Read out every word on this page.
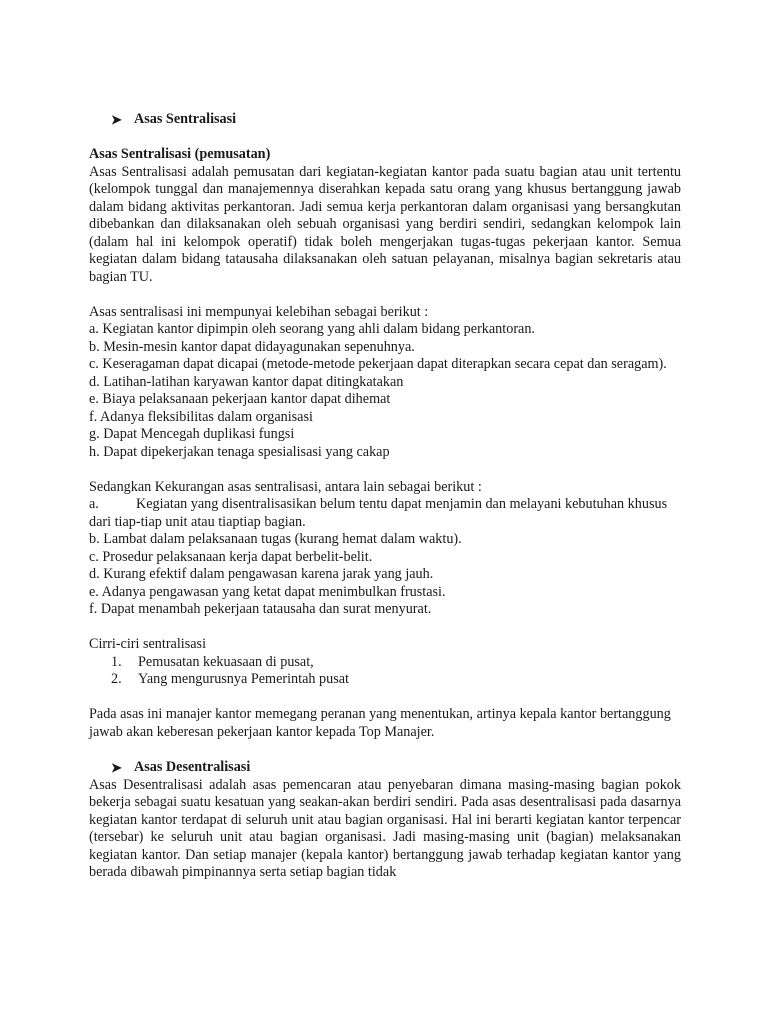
➤ Asas Sentralisasi

Asas Sentralisasi (pemusatan)

Asas Sentralisasi adalah pemusatan dari kegiatan-kegiatan kantor pada suatu bagian atau unit tertentu (kelompok tunggal dan manajemennya diserahkan kepada satu orang yang khusus bertanggung jawab dalam bidang aktivitas perkantoran. Jadi semua kerja perkantoran dalam organisasi yang bersangkutan dibebankan dan dilaksanakan oleh sebuah organisasi yang berdiri sendiri, sedangkan kelompok lain (dalam hal ini kelompok operatif) tidak boleh mengerjakan tugas-tugas pekerjaan kantor. Semua kegiatan dalam bidang tatausaha dilaksanakan oleh satuan pelayanan, misalnya bagian sekretaris atau bagian TU.

Asas sentralisasi ini mempunyai kelebihan sebagai berikut :

a. Kegiatan kantor dipimpin oleh seorang yang ahli dalam bidang perkantoran.

b. Mesin-mesin kantor dapat didayagunakan sepenuhnya.

c. Keseragaman dapat dicapai (metode-metode pekerjaan dapat diterapkan secara cepat dan seragam).

d. Latihan-latihan karyawan kantor dapat ditingkatakan

e. Biaya pelaksanaan pekerjaan kantor dapat dihemat

f. Adanya fleksibilitas dalam organisasi

g. Dapat Mencegah duplikasi fungsi

h. Dapat dipekerjakan tenaga spesialisasi yang cakap

Sedangkan Kekurangan asas sentralisasi, antara lain sebagai berikut :

a.	Kegiatan yang disentralisasikan belum tentu dapat menjamin dan melayani kebutuhan khusus dari tiap-tiap unit atau tiaptiap bagian.

b. Lambat dalam pelaksanaan tugas (kurang hemat dalam waktu).

c. Prosedur pelaksanaan kerja dapat berbelit-belit.

d. Kurang efektif dalam pengawasan karena jarak yang jauh.

e. Adanya pengawasan yang ketat dapat menimbulkan frustasi.

f. Dapat menambah pekerjaan tatausaha dan surat menyurat.

Cirri-ciri sentralisasi

1.	Pemusatan kekuasaan di pusat,
2.	Yang mengurusnya Pemerintah pusat

Pada asas ini manajer kantor memegang peranan yang menentukan, artinya kepala kantor bertanggung jawab akan keberesan pekerjaan kantor kepada Top Manajer.

➤ Asas Desentralisasi

Asas Desentralisasi adalah asas pemencaran atau penyebaran dimana masing-masing bagian pokok bekerja sebagai suatu kesatuan yang seakan-akan berdiri sendiri. Pada asas desentralisasi pada dasarnya kegiatan kantor terdapat di seluruh unit atau bagian organisasi. Hal ini berarti kegiatan kantor terpencar (tersebar) ke seluruh unit atau bagian organisasi. Jadi masing-masing unit (bagian) melaksanakan kegiatan kantor. Dan setiap manajer (kepala kantor) bertanggung jawab terhadap kegiatan kantor yang berada dibawah pimpinannya serta setiap bagian tidak
